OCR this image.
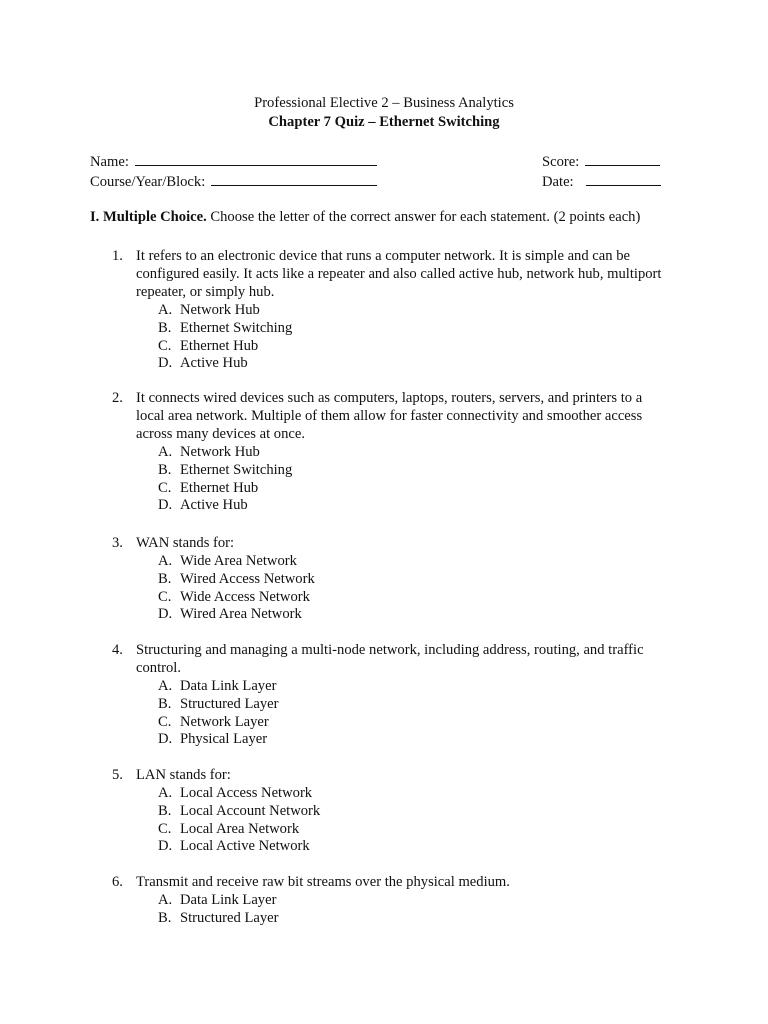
Professional Elective 2 – Business Analytics
Chapter 7 Quiz – Ethernet Switching
Name:
Course/Year/Block:
Score:
Date:
I. Multiple Choice. Choose the letter of the correct answer for each statement. (2 points each)
1. It refers to an electronic device that runs a computer network. It is simple and can be configured easily. It acts like a repeater and also called active hub, network hub, multiport repeater, or simply hub.
A. Network Hub
B. Ethernet Switching
C. Ethernet Hub
D. Active Hub
2. It connects wired devices such as computers, laptops, routers, servers, and printers to a local area network. Multiple of them allow for faster connectivity and smoother access across many devices at once.
A. Network Hub
B. Ethernet Switching
C. Ethernet Hub
D. Active Hub
3. WAN stands for:
A. Wide Area Network
B. Wired Access Network
C. Wide Access Network
D. Wired Area Network
4. Structuring and managing a multi-node network, including address, routing, and traffic control.
A. Data Link Layer
B. Structured Layer
C. Network Layer
D. Physical Layer
5. LAN stands for:
A. Local Access Network
B. Local Account Network
C. Local Area Network
D. Local Active Network
6. Transmit and receive raw bit streams over the physical medium.
A. Data Link Layer
B. Structured Layer
